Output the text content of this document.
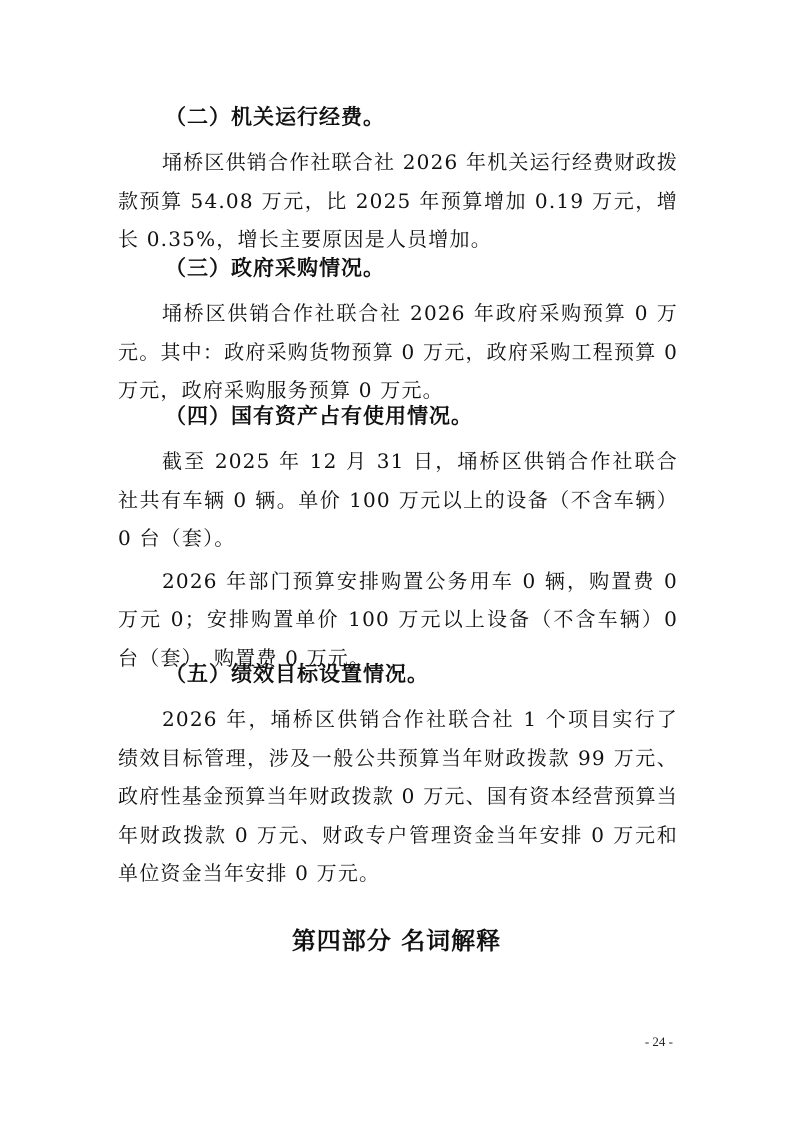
（二）机关运行经费。

埇桥区供销合作社联合社 2026 年机关运行经费财政拨款预算 54.08 万元，比 2025 年预算增加 0.19 万元，增长 0.35%，增长主要原因是人员增加。

（三）政府采购情况。

埇桥区供销合作社联合社 2026 年政府采购预算 0 万元。其中：政府采购货物预算 0 万元，政府采购工程预算 0 万元，政府采购服务预算 0 万元。

（四）国有资产占有使用情况。

截至 2025 年 12 月 31 日，埇桥区供销合作社联合社共有车辆 0 辆。单价 100 万元以上的设备（不含车辆）0 台（套）。

2026 年部门预算安排购置公务用车 0 辆，购置费 0 万元 0；安排购置单价 100 万元以上设备（不含车辆）0 台（套），购置费 0 万元。

（五）绩效目标设置情况。

2026 年，埇桥区供销合作社联合社 1 个项目实行了绩效目标管理，涉及一般公共预算当年财政拨款 99 万元、政府性基金预算当年财政拨款 0 万元、国有资本经营预算当年财政拨款 0 万元、财政专户管理资金当年安排 0 万元和单位资金当年安排 0 万元。

第四部分 名词解释

- 24 -
